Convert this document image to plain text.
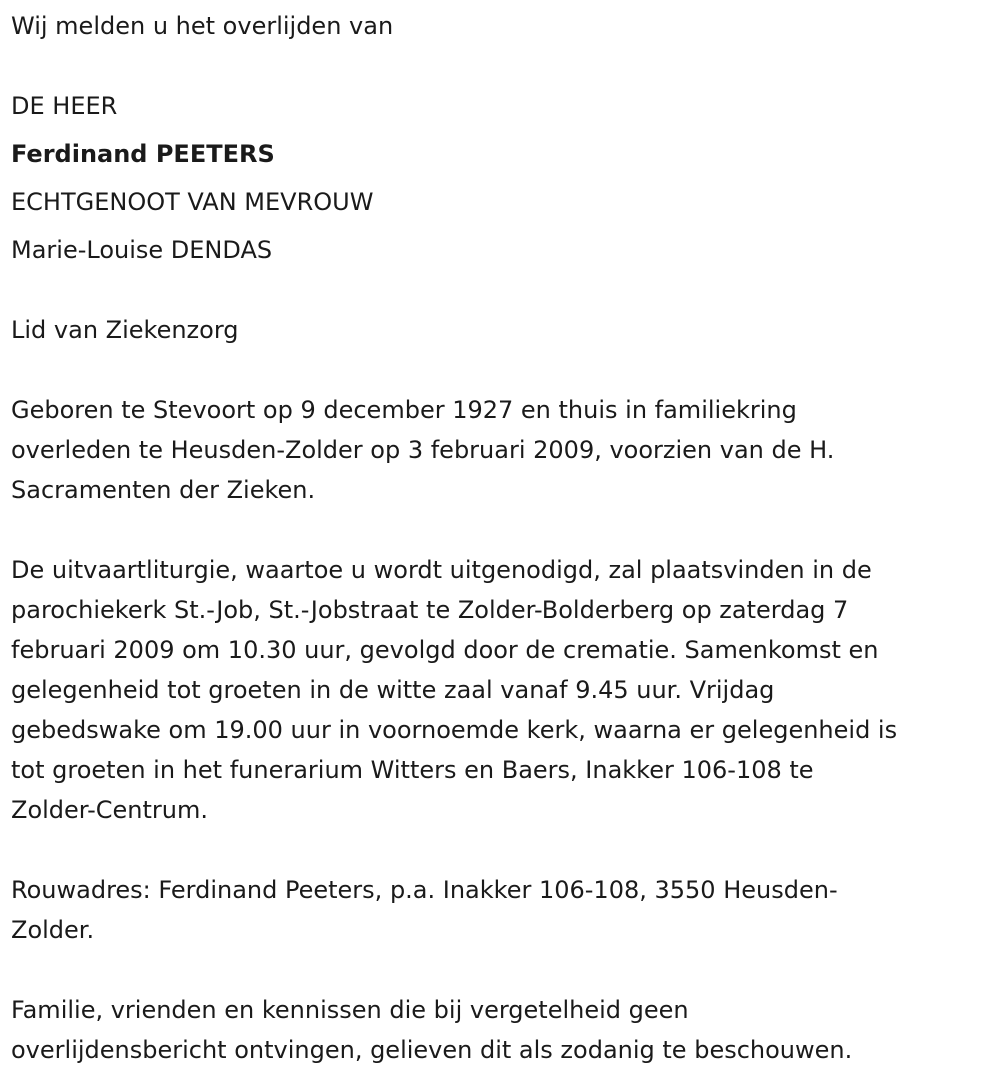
Wij melden u het overlijden van
DE HEER
Ferdinand PEETERS
ECHTGENOOT VAN MEVROUW
Marie-Louise DENDAS
Lid van Ziekenzorg
Geboren te Stevoort op 9 december 1927 en thuis in familiekring
overleden te Heusden-Zolder op 3 februari 2009, voorzien van de H.
Sacramenten der Zieken.
De uitvaartliturgie, waartoe u wordt uitgenodigd, zal plaatsvinden in de
parochiekerk St.-Job, St.-Jobstraat te Zolder-Bolderberg op zaterdag 7
februari 2009 om 10.30 uur, gevolgd door de crematie. Samenkomst en
gelegenheid tot groeten in de witte zaal vanaf 9.45 uur. Vrijdag
gebedswake om 19.00 uur in voornoemde kerk, waarna er gelegenheid is
tot groeten in het funerarium Witters en Baers, Inakker 106-108 te
Zolder-Centrum.
Rouwadres: Ferdinand Peeters, p.a. Inakker 106-108, 3550 Heusden-
Zolder.
Familie, vrienden en kennissen die bij vergetelheid geen
overlijdensbericht ontvingen, gelieven dit als zodanig te beschouwen.
